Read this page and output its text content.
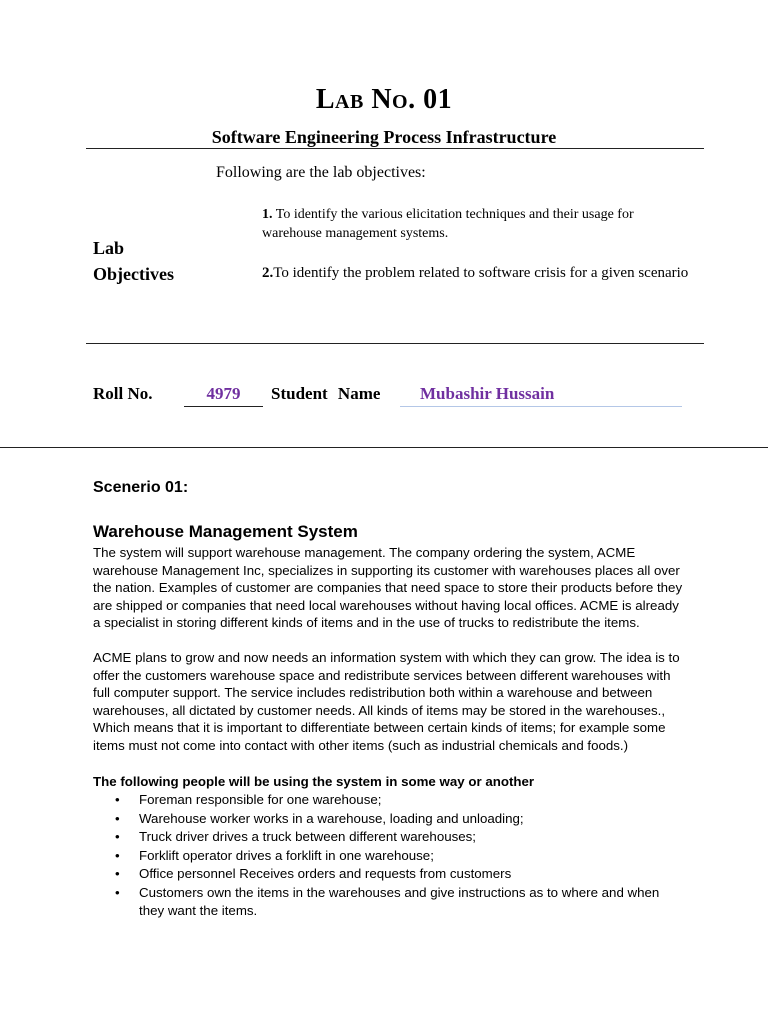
Lab No. 01
Software Engineering Process Infrastructure
Following are the lab objectives:
Lab
Objectives
1. To identify the various elicitation techniques and their usage for warehouse management systems.
2.To identify the problem related to software crisis for a given scenario
Roll No.	4979	Student Name	Mubashir Hussain
Scenerio 01:
Warehouse Management System
The system will support warehouse management. The company ordering the system, ACME warehouse Management Inc, specializes in supporting its customer with warehouses places all over the nation. Examples of customer are companies that need space to store their products before they are shipped or companies that need local warehouses without having local offices. ACME is already a specialist in storing different kinds of items and in the use of trucks to redistribute the items.
ACME plans to grow and now needs an information system with which they can grow. The idea is to offer the customers warehouse space and redistribute services between different warehouses with full computer support. The service includes redistribution both within a warehouse and between warehouses, all dictated by customer needs. All kinds of items may be stored in the warehouses., Which means that it is important to differentiate between certain kinds of items; for example some items must not come into contact with other items (such as industrial chemicals and foods.)
The following people will be using the system in some way or another
• Foreman responsible for one warehouse;
• Warehouse worker works in a warehouse, loading and unloading;
• Truck driver drives a truck between different warehouses;
• Forklift operator drives a forklift in one warehouse;
• Office personnel Receives orders and requests from customers
• Customers own the items in the warehouses and give instructions as to where and when they want the items.
